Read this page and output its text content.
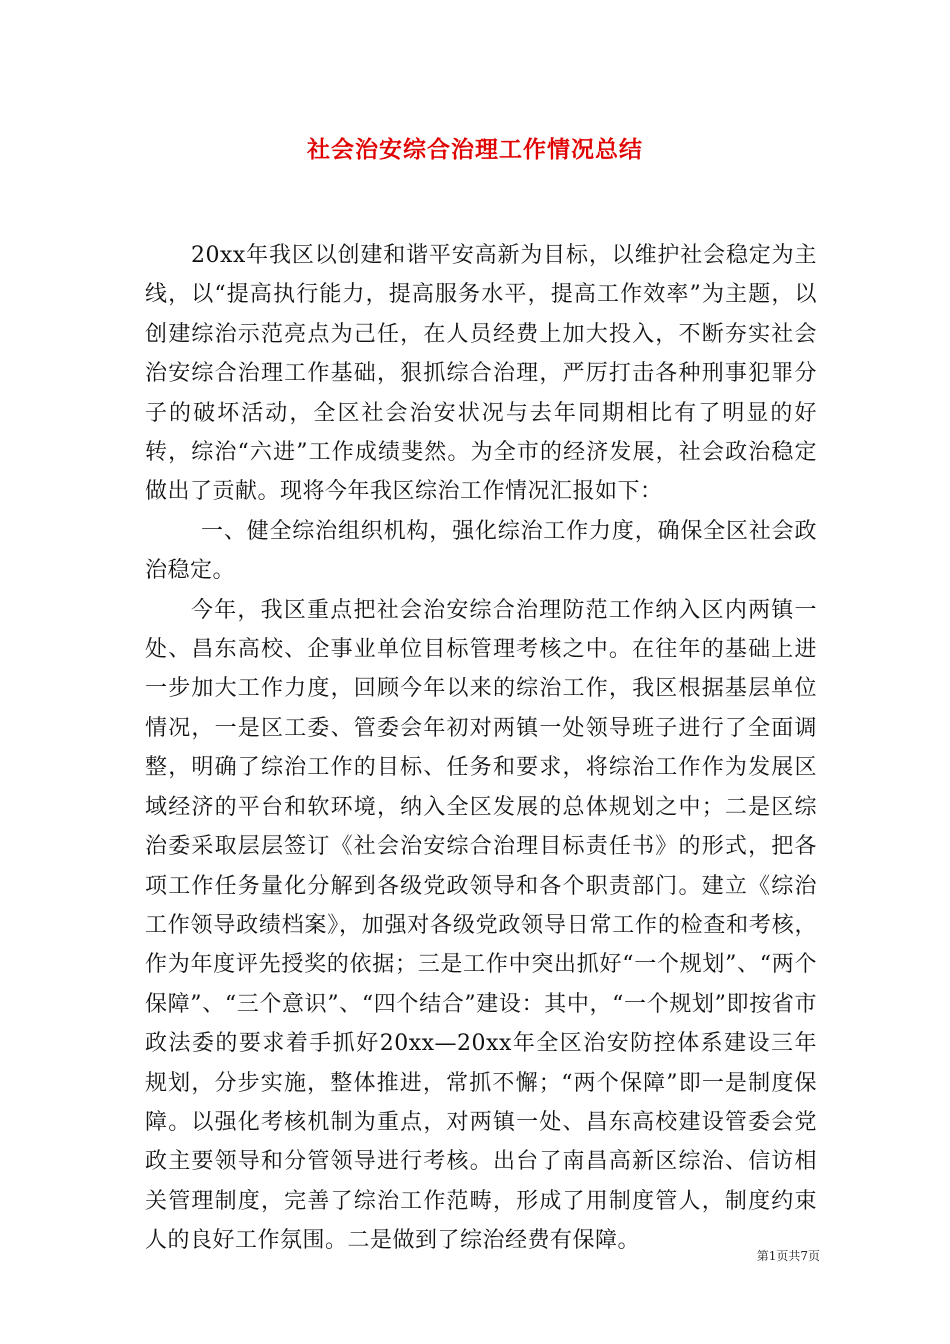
社会治安综合治理工作情况总结

20xx年我区以创建和谐平安高新为目标，以维护社会稳定为主线，以“提高执行能力，提高服务水平，提高工作效率”为主题，以创建综治示范亮点为己任，在人员经费上加大投入，不断夯实社会治安综合治理工作基础，狠抓综合治理，严厉打击各种刑事犯罪分子的破坏活动，全区社会治安状况与去年同期相比有了明显的好转，综治“六进”工作成绩斐然。为全市的经济发展，社会政治稳定做出了贡献。现将今年我区综治工作情况汇报如下：

一、健全综治组织机构，强化综治工作力度，确保全区社会政治稳定。

今年，我区重点把社会治安综合治理防范工作纳入区内两镇一处、昌东高校、企事业单位目标管理考核之中。在往年的基础上进一步加大工作力度，回顾今年以来的综治工作，我区根据基层单位情况，一是区工委、管委会年初对两镇一处领导班子进行了全面调整，明确了综治工作的目标、任务和要求，将综治工作作为发展区域经济的平台和软环境，纳入全区发展的总体规划之中；二是区综治委采取层层签订《社会治安综合治理目标责任书》的形式，把各项工作任务量化分解到各级党政领导和各个职责部门。建立《综治工作领导政绩档案》，加强对各级党政领导日常工作的检查和考核，作为年度评先授奖的依据；三是工作中突出抓好“一个规划”、“两个保障”、“三个意识”、“四个结合”建设：其中，“一个规划”即按省市政法委的要求着手抓好20xx—20xx年全区治安防控体系建设三年规划，分步实施，整体推进，常抓不懈；“两个保障”即一是制度保障。以强化考核机制为重点，对两镇一处、昌东高校建设管委会党政主要领导和分管领导进行考核。出台了南昌高新区综治、信访相关管理制度，完善了综治工作范畴，形成了用制度管人，制度约束人的良好工作氛围。二是做到了综治经费有保障。

第1页共7页
